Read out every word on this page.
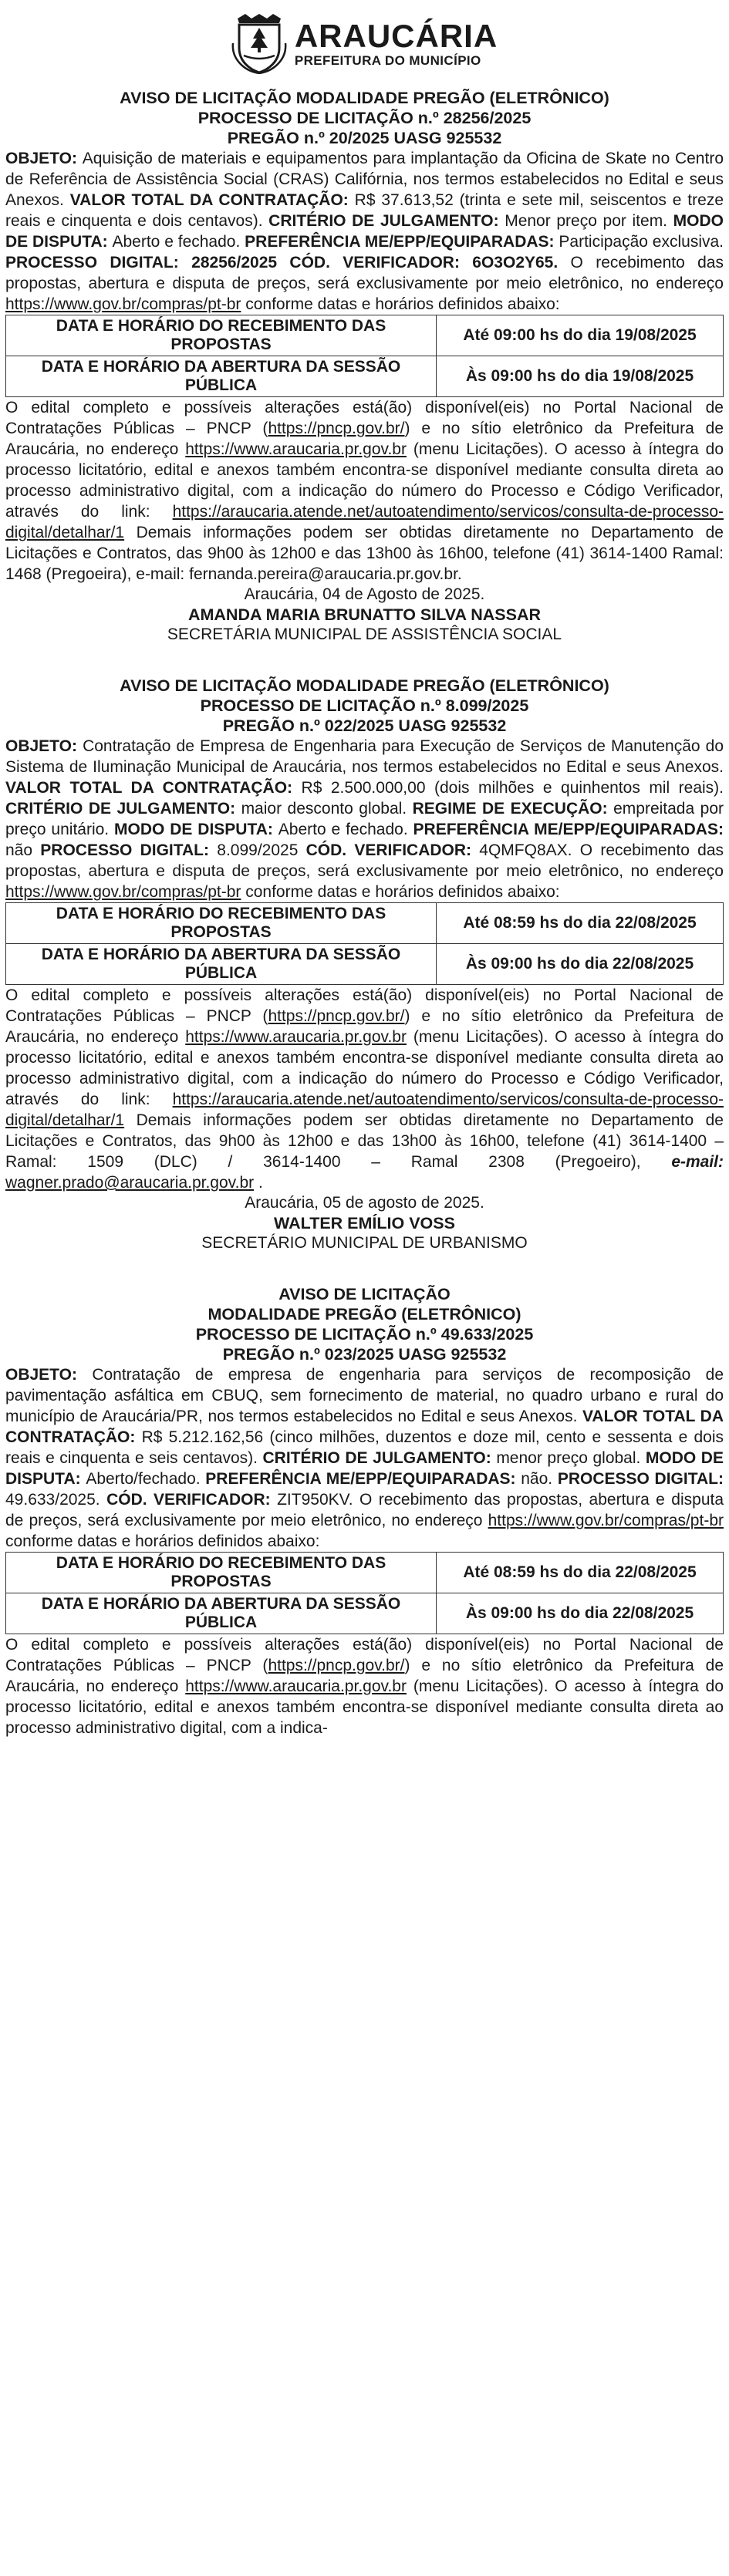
ARAUCÁRIA
PREFEITURA DO MUNICÍPIO

AVISO DE LICITAÇÃO MODALIDADE PREGÃO (ELETRÔNICO)

PROCESSO DE LICITAÇÃO n.º 28256/2025

PREGÃO n.º 20/2025 UASG 925532

OBJETO: Aquisição de materiais e equipamentos para implantação da Oficina de Skate no Centro de Referência de Assistência Social (CRAS) Califórnia, nos termos estabelecidos no Edital e seus Anexos. VALOR TOTAL DA CONTRATAÇÃO: R$ 37.613,52 (trinta e sete mil, seiscentos e treze reais e cinquenta e dois centavos). CRITÉRIO DE JULGAMENTO: Menor preço por item. MODO DE DISPUTA: Aberto e fechado. PREFERÊNCIA ME/EPP/EQUIPARADAS: Participação exclusiva. PROCESSO DIGITAL: 28256/2025 CÓD. VERIFICADOR: 6O3O2Y65. O recebimento das propostas, abertura e disputa de preços, será exclusivamente por meio eletrônico, no endereço https://www.gov.br/compras/pt-br conforme datas e horários definidos abaixo:

DATA E HORÁRIO DO RECEBIMENTO DAS PROPOSTAS	Até 09:00 hs do dia 19/08/2025
DATA E HORÁRIO DA ABERTURA DA SESSÃO PÚBLICA	Às 09:00 hs do dia 19/08/2025

O edital completo e possíveis alterações está(ão) disponível(eis) no Portal Nacional de Contratações Públicas – PNCP (https://pncp.gov.br/) e no sítio eletrônico da Prefeitura de Araucária, no endereço https://www.araucaria.pr.gov.br (menu Licitações). O acesso à íntegra do processo licitatório, edital e anexos também encontra-se disponível mediante consulta direta ao processo administrativo digital, com a indicação do número do Processo e Código Verificador, através do link: https://araucaria.atende.net/autoatendimento/servicos/consulta-de-processo-digital/detalhar/1 Demais informações podem ser obtidas diretamente no Departamento de Licitações e Contratos, das 9h00 às 12h00 e das 13h00 às 16h00, telefone (41) 3614-1400 Ramal: 1468 (Pregoeira), e-mail: fernanda.pereira@araucaria.pr.gov.br.

Araucária, 04 de Agosto de 2025.

AMANDA MARIA BRUNATTO SILVA NASSAR

SECRETÁRIA MUNICIPAL DE ASSISTÊNCIA SOCIAL

AVISO DE LICITAÇÃO MODALIDADE PREGÃO (ELETRÔNICO)

PROCESSO DE LICITAÇÃO n.º 8.099/2025

PREGÃO n.º 022/2025 UASG 925532

OBJETO: Contratação de Empresa de Engenharia para Execução de Serviços de Manutenção do Sistema de Iluminação Municipal de Araucária, nos termos estabelecidos no Edital e seus Anexos. VALOR TOTAL DA CONTRATAÇÃO: R$ 2.500.000,00 (dois milhões e quinhentos mil reais). CRITÉRIO DE JULGAMENTO: maior desconto global. REGIME DE EXECUÇÃO: empreitada por preço unitário. MODO DE DISPUTA: Aberto e fechado. PREFERÊNCIA ME/EPP/EQUIPARADAS: não PROCESSO DIGITAL: 8.099/2025 CÓD. VERIFICADOR: 4QMFQ8AX. O recebimento das propostas, abertura e disputa de preços, será exclusivamente por meio eletrônico, no endereço https://www.gov.br/compras/pt-br conforme datas e horários definidos abaixo:

DATA E HORÁRIO DO RECEBIMENTO DAS PROPOSTAS	Até 08:59 hs do dia 22/08/2025
DATA E HORÁRIO DA ABERTURA DA SESSÃO PÚBLICA	Às 09:00 hs do dia 22/08/2025

O edital completo e possíveis alterações está(ão) disponível(eis) no Portal Nacional de Contratações Públicas – PNCP (https://pncp.gov.br/) e no sítio eletrônico da Prefeitura de Araucária, no endereço https://www.araucaria.pr.gov.br (menu Licitações). O acesso à íntegra do processo licitatório, edital e anexos também encontra-se disponível mediante consulta direta ao processo administrativo digital, com a indicação do número do Processo e Código Verificador, através do link: https://araucaria.atende.net/autoatendimento/servicos/consulta-de-processo-digital/detalhar/1 Demais informações podem ser obtidas diretamente no Departamento de Licitações e Contratos, das 9h00 às 12h00 e das 13h00 às 16h00, telefone (41) 3614-1400 – Ramal: 1509 (DLC) / 3614-1400 – Ramal 2308 (Pregoeiro), e-mail: wagner.prado@araucaria.pr.gov.br .

Araucária, 05 de agosto de 2025.

WALTER EMÍLIO VOSS

SECRETÁRIO MUNICIPAL DE URBANISMO

AVISO DE LICITAÇÃO

MODALIDADE PREGÃO (ELETRÔNICO)

PROCESSO DE LICITAÇÃO n.º 49.633/2025

PREGÃO n.º 023/2025 UASG 925532

OBJETO: Contratação de empresa de engenharia para serviços de recomposição de pavimentação asfáltica em CBUQ, sem fornecimento de material, no quadro urbano e rural do município de Araucária/PR, nos termos estabelecidos no Edital e seus Anexos. VALOR TOTAL DA CONTRATAÇÃO: R$ 5.212.162,56 (cinco milhões, duzentos e doze mil, cento e sessenta e dois reais e cinquenta e seis centavos). CRITÉRIO DE JULGAMENTO: menor preço global. MODO DE DISPUTA: Aberto/fechado. PREFERÊNCIA ME/EPP/EQUIPARADAS: não. PROCESSO DIGITAL: 49.633/2025. CÓD. VERIFICADOR: ZIT950KV. O recebimento das propostas, abertura e disputa de preços, será exclusivamente por meio eletrônico, no endereço https://www.gov.br/compras/pt-br conforme datas e horários definidos abaixo:

DATA E HORÁRIO DO RECEBIMENTO DAS PROPOSTAS	Até 08:59 hs do dia 22/08/2025
DATA E HORÁRIO DA ABERTURA DA SESSÃO PÚBLICA	Às 09:00 hs do dia 22/08/2025

O edital completo e possíveis alterações está(ão) disponível(eis) no Portal Nacional de Contratações Públicas – PNCP (https://pncp.gov.br/) e no sítio eletrônico da Prefeitura de Araucária, no endereço https://www.araucaria.pr.gov.br (menu Licitações). O acesso à íntegra do processo licitatório, edital e anexos também encontra-se disponível mediante consulta direta ao processo administrativo digital, com a indica-
